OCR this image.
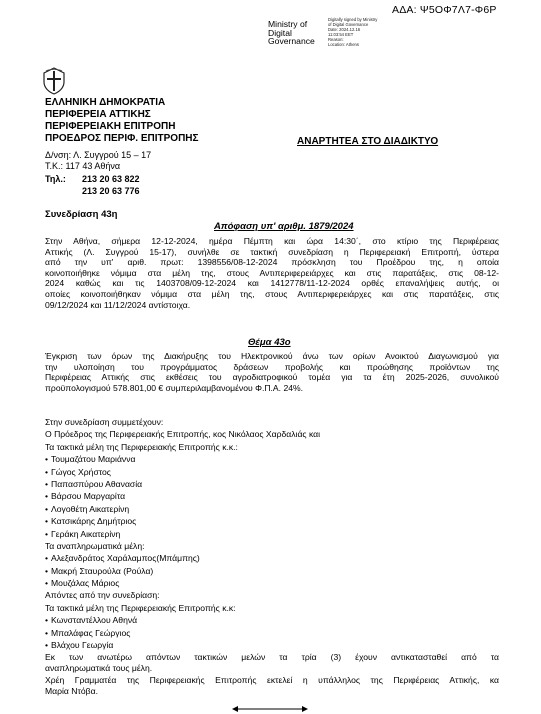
ΑΔΑ: Ψ5ΟΦ7Λ7-Φ6Ρ
Ministry of
Digital
Governance
Digitally signed by Ministry
of Digital Governance
Date: 2024.12.16
11:03:54 EET
Reason:
Location: Athens
ΕΛΛΗΝΙΚΗ ΔΗΜΟΚΡΑΤΙΑ
ΠΕΡΙΦΕΡΕΙΑ ΑΤΤΙΚΗΣ
ΠΕΡΙΦΕΡΕΙΑΚΗ ΕΠΙΤΡΟΠΗ
ΠΡΟΕΔΡΟΣ ΠΕΡΙΦ. ΕΠΙΤΡΟΠΗΣ	ΑΝΑΡΤΗΤΕΑ ΣΤΟ ΔΙΑΔΙΚΤΥΟ
Δ/νση: Λ. Συγγρού 15 – 17
Τ.Κ.: 117 43 Αθήνα
Τηλ.: 213 20 63 822
213 20 63 776
Συνεδρίαση 43η
Απόφαση υπ' αριθμ. 1879/2024
Στην Αθήνα, σήμερα 12-12-2024, ημέρα Πέμπτη και ώρα 14:30΄, στο κτίριο της Περιφέρειας
Αττικής (Λ. Συγγρού 15-17), συνήλθε σε τακτική συνεδρίαση η Περιφερειακή Επιτροπή, ύστερα
από την υπ' αριθ. πρωτ: 1398556/08-12-2024 πρόσκληση του Προέδρου της, η οποία
κοινοποιήθηκε νόμιμα στα μέλη της, στους Αντιπεριφερειάρχες και στις παρατάξεις, στις 08-12-
2024 καθώς και τις 1403708/09-12-2024 και 1412778/11-12-2024 ορθές επαναλήψεις αυτής, οι
οποίες κοινοποιήθηκαν νόμιμα στα μέλη της, στους Αντιπεριφερειάρχες και στις παρατάξεις, στις
09/12/2024 και 11/12/2024 αντίστοιχα.
Θέμα 43ο
Έγκριση των όρων της Διακήρυξης του Ηλεκτρονικού άνω των ορίων Ανοικτού Διαγωνισμού για
την υλοποίηση του προγράμματος δράσεων προβολής και προώθησης προϊόντων της
Περιφέρειας Αττικής στις εκθέσεις του αγροδιατροφικού τομέα για τα έτη 2025-2026, συνολικού
προϋπολογισμού 578.801,00 € συμπεριλαμβανομένου Φ.Π.Α. 24%.
Στην συνεδρίαση συμμετέχουν:
Ο Πρόεδρος της Περιφερειακής Επιτροπής, κος Νικόλαος Χαρδαλιάς και
Τα τακτικά μέλη της Περιφερειακής Επιτροπής κ.κ.:
• Τουμαζάτου Μαριάννα
• Γώγος Χρήστος
• Παπασπύρου Αθανασία
• Βάρσου Μαργαρίτα
• Λογοθέτη Αικατερίνη
• Κατσικάρης Δημήτριος
• Γεράκη Αικατερίνη
Τα αναπληρωματικά μέλη:
• Αλεξανδράτος Χαράλαμπος(Μπάμπης)
• Μακρή Σταυρούλα (Ρούλα)
• Μουζάλας Μάριος
Απόντες από την συνεδρίαση:
Τα τακτικά μέλη της Περιφερειακής Επιτροπής κ.κ:
• Κωνσταντέλλου Αθηνά
• Μπαλάφας Γεώργιος
• Βλάχου Γεωργία
Εκ των ανωτέρω απόντων τακτικών μελών τα τρία (3) έχουν αντικατασταθεί από τα
αναπληρωματικά τους μέλη.
Χρέη Γραμματέα της Περιφερειακής Επιτροπής εκτελεί η υπάλληλος της Περιφέρειας Αττικής, κα
Μαρία Ντόβα.
